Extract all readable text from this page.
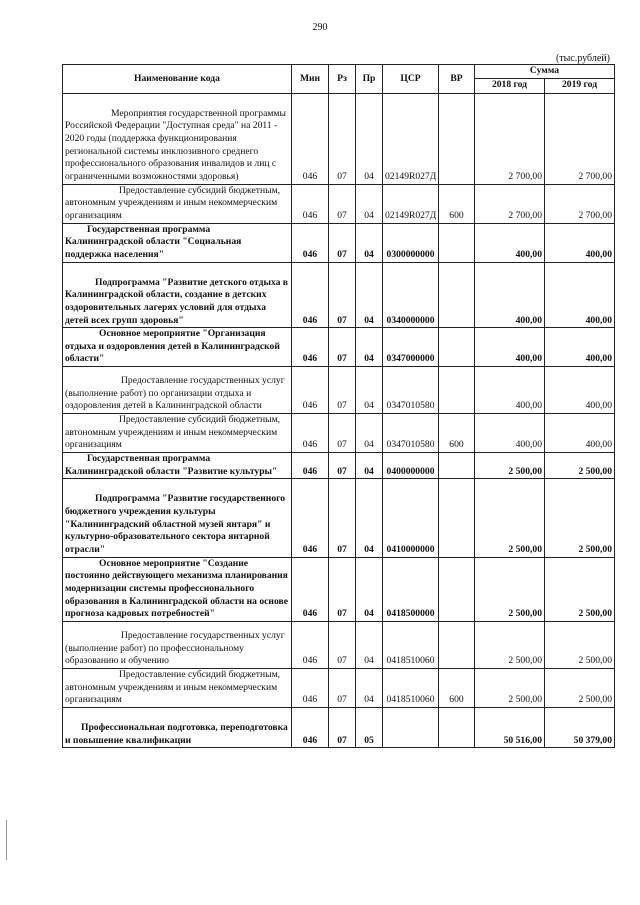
290
(тыс.рублей)
Наименование кода	Мин	Рз	Пр	ЦСР	ВР	Сумма	
						2018 год	2019 год

Мероприятия государственной программы Российской Федерации "Доступная среда" на 2011 - 2020 годы (поддержка функционирования региональной системы инклюзивного среднего профессионального образования инвалидов и лиц с ограниченными возможностями здоровья)	046	07	04	02149R027Д		2 700,00	2 700,00

Предоставление субсидий бюджетным, автономным учреждениям и иным некоммерческим организациям	046	07	04	02149R027Д	600	2 700,00	2 700,00

Государственная программа Калининградской области "Социальная поддержка населения"	046	07	04	0300000000		400,00	400,00

Подпрограмма "Развитие детского отдыха в Калининградской области, создание в детских оздоровительных лагерях условий для отдыха детей всех групп здоровья"	046	07	04	0340000000		400,00	400,00

Основное мероприятие "Организация отдыха и оздоровления детей в Калининградской области"	046	07	04	0347000000		400,00	400,00

Предоставление государственных услуг (выполнение работ) по организации отдыха и оздоровления детей в Калининградской области	046	07	04	0347010580		400,00	400,00

Предоставление субсидий бюджетным, автономным учреждениям и иным некоммерческим организациям	046	07	04	0347010580	600	400,00	400,00

Государственная программа Калининградской области "Развитие культуры"	046	07	04	0400000000		2 500,00	2 500,00

Подпрограмма "Развитие государственного бюджетного учреждения культуры "Калининградский областной музей янтаря" и культурно-образовательного сектора янтарной отрасли"	046	07	04	0410000000		2 500,00	2 500,00

Основное мероприятие "Создание постоянно действующего механизма планирования модернизации системы профессионального образования в Калининградской области на основе прогноза кадровых потребностей"	046	07	04	0418500000		2 500,00	2 500,00

Предоставление государственных услуг (выполнение работ) по профессиональному образованию и обучению	046	07	04	0418510060		2 500,00	2 500,00

Предоставление субсидий бюджетным, автономным учреждениям и иным некоммерческим организациям	046	07	04	0418510060	600	2 500,00	2 500,00

Профессиональная подготовка, переподготовка и повышение квалификации	046	07	05			50 516,00	50 379,00
